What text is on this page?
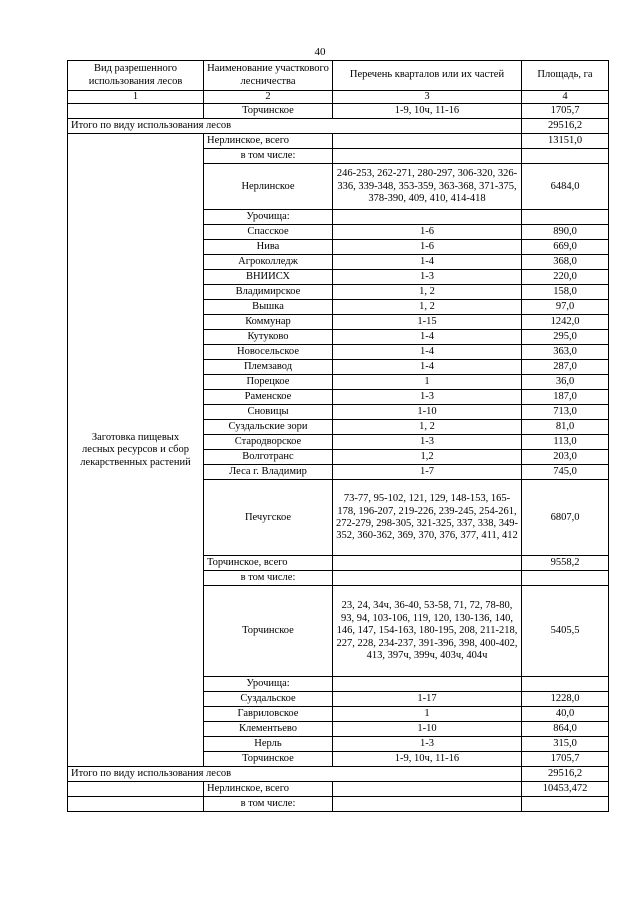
40
Вид разрешенного использования лесов	Наименование участкового лесничества	Перечень кварталов или их частей	Площадь, га
1	2	3	4
	Торчинское	1-9, 10ч, 11-16	1705,7
Итого по виду использования лесов			29516,2
Заготовка пищевых лесных ресурсов и сбор лекарственных растений	Нерлинское, всего		13151,0
	в том числе:		
	Нерлинское	246-253, 262-271, 280-297, 306-320, 326-336, 339-348, 353-359, 363-368, 371-375, 378-390, 409, 410, 414-418	6484,0
	Урочища:		
	Спасское	1-6	890,0
	Нива	1-6	669,0
	Агроколледж	1-4	368,0
	ВНИИСХ	1-3	220,0
	Владимирское	1, 2	158,0
	Вышка	1, 2	97,0
	Коммунар	1-15	1242,0
	Кутуково	1-4	295,0
	Новосельское	1-4	363,0
	Племзавод	1-4	287,0
	Порецкое	1	36,0
	Раменское	1-3	187,0
	Сновицы	1-10	713,0
	Суздальские зори	1, 2	81,0
	Стародворское	1-3	113,0
	Волготранс	1,2	203,0
	Леса г. Владимир	1-7	745,0
	Печугское	73-77, 95-102, 121, 129, 148-153, 165-178, 196-207, 219-226, 239-245, 254-261, 272-279, 298-305, 321-325, 337, 338, 349-352, 360-362, 369, 370, 376, 377, 411, 412	6807,0
	Торчинское, всего		9558,2
	в том числе:		
	Торчинское	23, 24, 34ч, 36-40, 53-58, 71, 72, 78-80, 93, 94, 103-106, 119, 120, 130-136, 140, 146, 147, 154-163, 180-195, 208, 211-218, 227, 228, 234-237, 391-396, 398, 400-402, 413, 397ч, 399ч, 403ч, 404ч	5405,5
	Урочища:		
	Суздальское	1-17	1228,0
	Гавриловское	1	40,0
	Клементьево	1-10	864,0
	Нерль	1-3	315,0
	Торчинское	1-9, 10ч, 11-16	1705,7
Итого по виду использования лесов			29516,2
	Нерлинское, всего		10453,472
	в том числе:		
